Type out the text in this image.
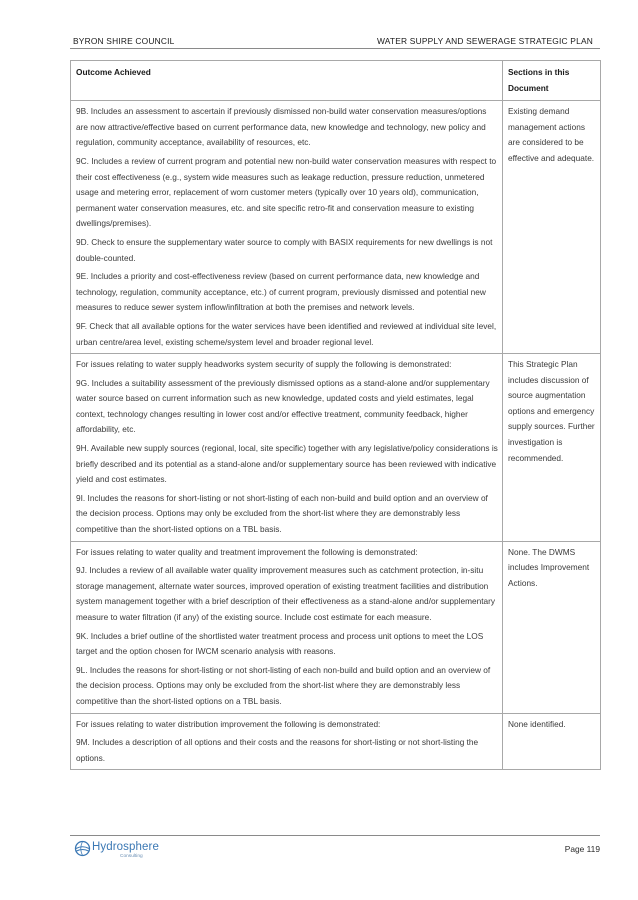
BYRON SHIRE COUNCIL	WATER SUPPLY AND SEWERAGE STRATEGIC PLAN
Outcome Achieved	Sections in this Document

9B. Includes an assessment to ascertain if previously dismissed non-build water conservation measures/options are now attractive/effective based on current performance data, new knowledge and technology, new policy and regulation, community acceptance, availability of resources, etc.
9C. Includes a review of current program and potential new non-build water conservation measures with respect to their cost effectiveness (e.g., system wide measures such as leakage reduction, pressure reduction, unmetered usage and metering error, replacement of worn customer meters (typically over 10 years old), communication, permanent water conservation measures, etc. and site specific retro-fit and conservation measure to existing dwellings/premises).
9D. Check to ensure the supplementary water source to comply with BASIX requirements for new dwellings is not double-counted.
9E. Includes a priority and cost-effectiveness review (based on current performance data, new knowledge and technology, regulation, community acceptance, etc.) of current program, previously dismissed and potential new measures to reduce sewer system inflow/infiltration at both the premises and network levels.
9F. Check that all available options for the water services have been identified and reviewed at individual site level, urban centre/area level, existing scheme/system level and broader regional level.	Existing demand management actions are considered to be effective and adequate.

For issues relating to water supply headworks system security of supply the following is demonstrated:
9G. Includes a suitability assessment of the previously dismissed options as a stand-alone and/or supplementary water source based on current information such as new knowledge, updated costs and yield estimates, legal context, technology changes resulting in lower cost and/or effective treatment, community feedback, higher affordability, etc.
9H. Available new supply sources (regional, local, site specific) together with any legislative/policy considerations is briefly described and its potential as a stand-alone and/or supplementary source has been reviewed with indicative yield and cost estimates.
9I. Includes the reasons for short-listing or not short-listing of each non-build and build option and an overview of the decision process. Options may only be excluded from the short-list where they are demonstrably less competitive than the short-listed options on a TBL basis.	This Strategic Plan includes discussion of source augmentation options and emergency supply sources. Further investigation is recommended.

For issues relating to water quality and treatment improvement the following is demonstrated:
9J. Includes a review of all available water quality improvement measures such as catchment protection, in-situ storage management, alternate water sources, improved operation of existing treatment facilities and distribution system management together with a brief description of their effectiveness as a stand-alone and/or supplementary measure to water filtration (if any) of the existing source. Include cost estimate for each measure.
9K. Includes a brief outline of the shortlisted water treatment process and process unit options to meet the LOS target and the option chosen for IWCM scenario analysis with reasons.
9L. Includes the reasons for short-listing or not short-listing of each non-build and build option and an overview of the decision process. Options may only be excluded from the short-list where they are demonstrably less competitive than the short-listed options on a TBL basis.	None. The DWMS includes Improvement Actions.

For issues relating to water distribution improvement the following is demonstrated:
9M. Includes a description of all options and their costs and the reasons for short-listing or not short-listing the options.	None identified.
Hydrosphere
Consulting
Page 119
